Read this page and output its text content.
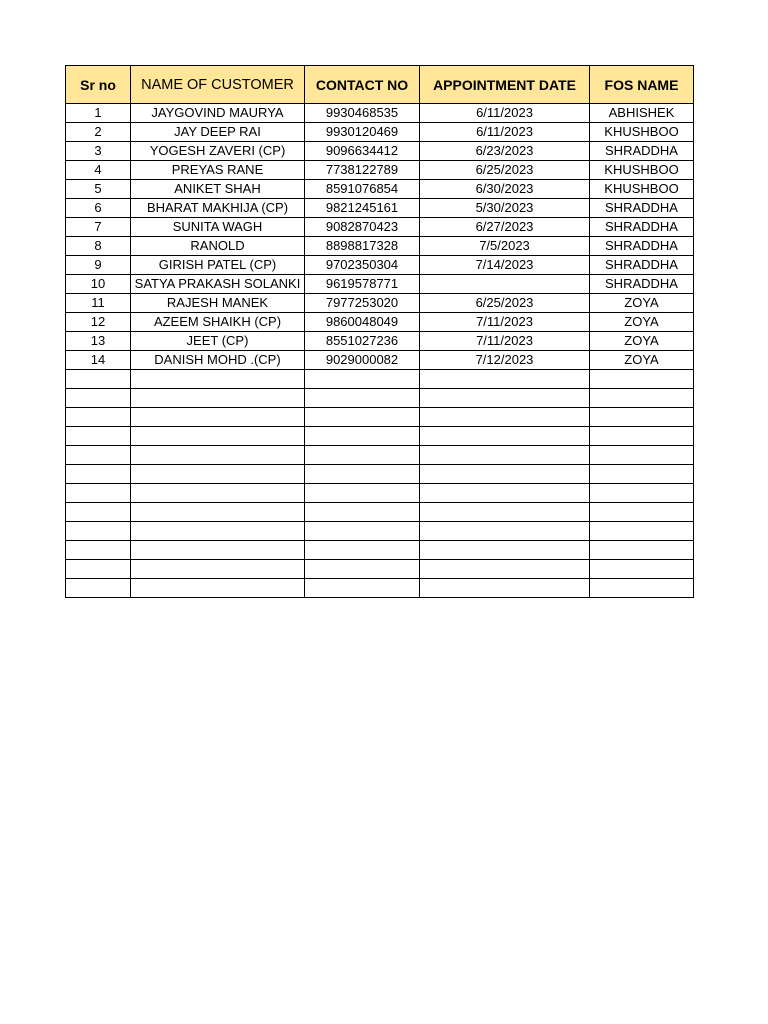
Sr no	NAME OF CUSTOMER	CONTACT NO	APPOINTMENT DATE	FOS NAME
1	JAYGOVIND MAURYA	9930468535	6/11/2023	ABHISHEK
2	JAY DEEP RAI	9930120469	6/11/2023	KHUSHBOO
3	YOGESH ZAVERI (CP)	9096634412	6/23/2023	SHRADDHA
4	PREYAS RANE	7738122789	6/25/2023	KHUSHBOO
5	ANIKET SHAH	8591076854	6/30/2023	KHUSHBOO
6	BHARAT MAKHIJA (CP)	9821245161	5/30/2023	SHRADDHA
7	SUNITA WAGH	9082870423	6/27/2023	SHRADDHA
8	RANOLD	8898817328	7/5/2023	SHRADDHA
9	GIRISH PATEL (CP)	9702350304	7/14/2023	SHRADDHA
10	SATYA PRAKASH SOLANKI	9619578771		SHRADDHA
11	RAJESH MANEK	7977253020	6/25/2023	ZOYA
12	AZEEM SHAIKH (CP)	9860048049	7/11/2023	ZOYA
13	JEET (CP)	8551027236	7/11/2023	ZOYA
14	DANISH MOHD .(CP)	9029000082	7/12/2023	ZOYA
